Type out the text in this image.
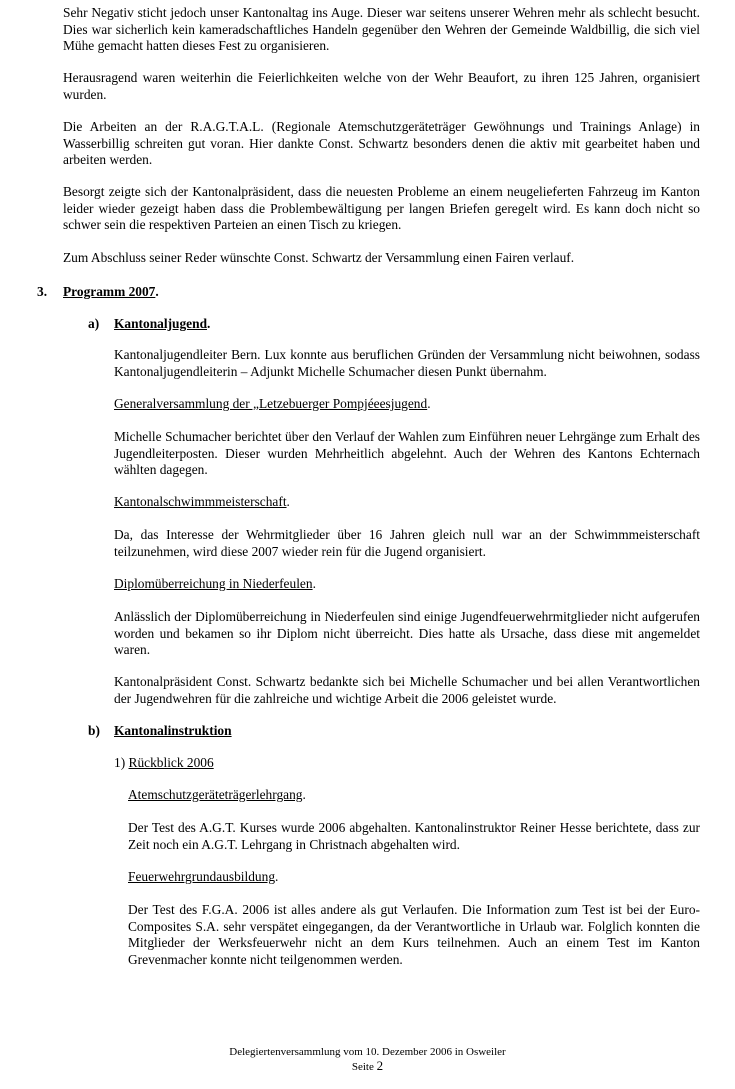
Sehr Negativ sticht jedoch unser Kantonaltag ins Auge. Dieser war seitens unserer Wehren mehr als schlecht besucht. Dies war sicherlich kein kameradschaftliches Handeln gegenüber den Wehren der Gemeinde Waldbillig, die sich viel Mühe gemacht hatten dieses Fest zu organisieren.

Herausragend waren weiterhin die Feierlichkeiten welche von der Wehr Beaufort, zu ihren 125 Jahren, organisiert wurden.

Die Arbeiten an der R.A.G.T.A.L. (Regionale Atemschutzgeräteträger Gewöhnungs und Trainings Anlage) in Wasserbillig schreiten gut voran. Hier dankte Const. Schwartz besonders denen die aktiv mit gearbeitet haben und arbeiten werden.

Besorgt zeigte sich der Kantonalpräsident, dass die neuesten Probleme an einem neugelieferten Fahrzeug im Kanton leider wieder gezeigt haben dass die Problembewältigung per langen Briefen geregelt wird. Es kann doch nicht so schwer sein die respektiven Parteien an einen Tisch zu kriegen.

Zum Abschluss seiner Reder wünschte Const. Schwartz der Versammlung einen Fairen verlauf.

3. Programm 2007.
a) Kantonaljugend.

Kantonaljugendleiter Bern. Lux konnte aus beruflichen Gründen der Versammlung nicht beiwohnen, sodass Kantonaljugendleiterin – Adjunkt Michelle Schumacher diesen Punkt übernahm.

Generalversammlung der „Letzebuerger Pompjéeesjugend.

Michelle Schumacher berichtet über den Verlauf der Wahlen zum Einführen neuer Lehrgänge zum Erhalt des Jugendleiterposten. Dieser wurden Mehrheitlich abgelehnt. Auch der Wehren des Kantons Echternach wählten dagegen.

Kantonalschwimmmeisterschaft.

Da, das Interesse der Wehrmitglieder über 16 Jahren gleich null war an der Schwimmmeisterschaft teilzunehmen, wird diese 2007 wieder rein für die Jugend organisiert.

Diplomüberreichung in Niederfeulen.

Anlässlich der Diplomüberreichung in Niederfeulen sind einige Jugendfeuerwehrmitglieder nicht aufgerufen worden und bekamen so ihr Diplom nicht überreicht. Dies hatte als Ursache, dass diese mit angemeldet waren.

Kantonalpräsident Const. Schwartz bedankte sich bei Michelle Schumacher und bei allen Verantwortlichen der Jugendwehren für die zahlreiche und wichtige Arbeit die 2006 geleistet wurde.

b) Kantonalinstruktion

1) Rückblick 2006

Atemschutzgeräteträgerlehrgang.

Der Test des A.G.T. Kurses wurde 2006 abgehalten. Kantonalinstruktor Reiner Hesse berichtete, dass zur Zeit noch ein A.G.T. Lehrgang in Christnach abgehalten wird.

Feuerwehrgrundausbildung.

Der Test des F.G.A. 2006 ist alles andere als gut Verlaufen. Die Information zum Test ist bei der Euro-Composites S.A. sehr verspätet eingegangen, da der Verantwortliche in Urlaub war. Folglich konnten die Mitglieder der Werksfeuerwehr nicht an dem Kurs teilnehmen. Auch an einem Test im Kanton Grevenmacher konnte nicht teilgenommen werden.

Delegiertenversammlung vom 10. Dezember 2006 in Osweiler
Seite 2
